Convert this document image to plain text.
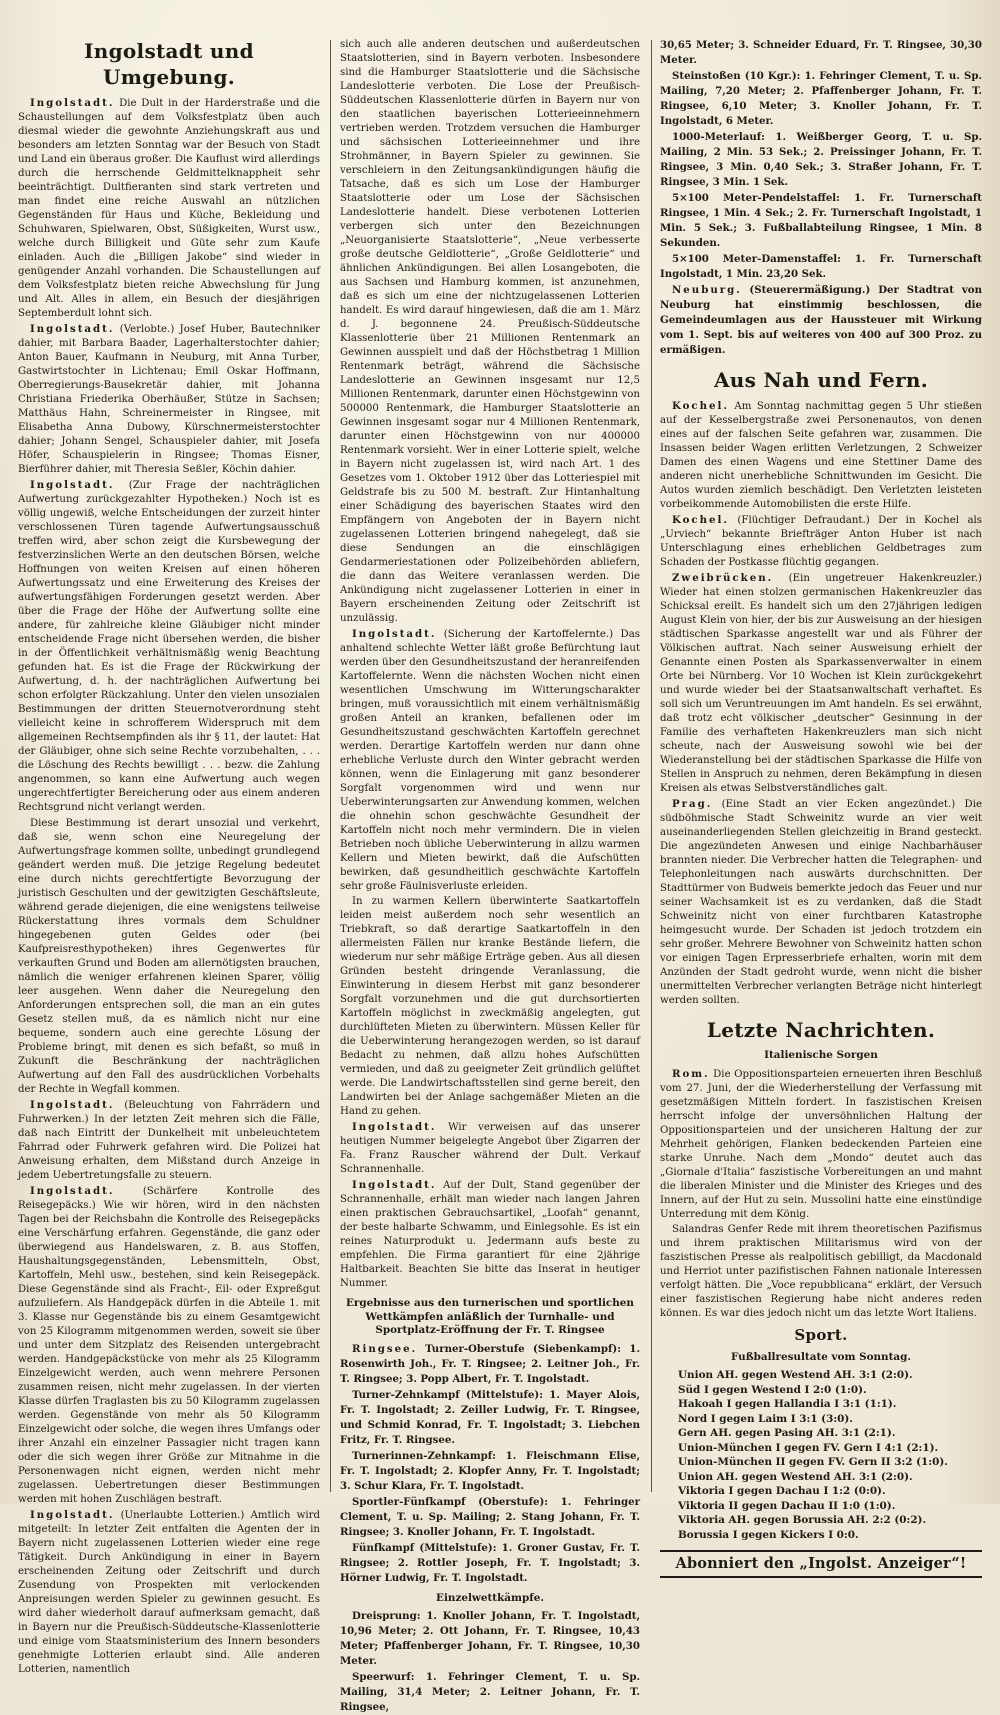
Ingolstadt und Umgebung.

Ingolstadt. Die Dult in der Harderstraße und die Schaustellungen auf dem Volksfestplatz üben auch diesmal wieder die gewohnte Anziehungskraft aus und besonders am letzten Sonntag war der Besuch von Stadt und Land ein überaus großer. Die Kauflust wird allerdings durch die herrschende Geldmittelknappheit sehr beeinträchtigt. Dultfieranten sind stark vertreten und man findet eine reiche Auswahl an nützlichen Gegenständen für Haus und Küche, Bekleidung und Schuhwaren, Spielwaren, Obst, Süßigkeiten, Wurst usw., welche durch Billigkeit und Güte sehr zum Kaufe einladen. Auch die „Billigen Jakobe“ sind wieder in genügender Anzahl vorhanden. Die Schaustellungen auf dem Volksfestplatz bieten reiche Abwechslung für Jung und Alt. Alles in allem, ein Besuch der diesjährigen Septemberdult lohnt sich.

Ingolstadt. (Verlobte.) Josef Huber, Bautechniker dahier, mit Barbara Baader, Lagerhalterstochter dahier; Anton Bauer, Kaufmann in Neuburg, mit Anna Turber, Gastwirtstochter in Lichtenau; Emil Oskar Hoffmann, Oberregierungs-Bausekretär dahier, mit Johanna Christiana Friederika Oberhäußer, Stütze in Sachsen; Matthäus Hahn, Schreinermeister in Ringsee, mit Elisabetha Anna Dubowy, Kürschnermeisterstochter dahier; Johann Sengel, Schauspieler dahier, mit Josefa Höfer, Schauspielerin in Ringsee; Thomas Eisner, Bierführer dahier, mit Theresia Seßler, Köchin dahier.

Ingolstadt. (Zur Frage der nachträglichen Aufwertung zurückgezahlter Hypotheken.) Noch ist es völlig ungewiß, welche Entscheidungen der zurzeit hinter verschlossenen Türen tagende Aufwertungsausschuß treffen wird, aber schon zeigt die Kursbewegung der festverzinslichen Werte an den deutschen Börsen, welche Hoffnungen von weiten Kreisen auf einen höheren Aufwertungssatz und eine Erweiterung des Kreises der aufwertungsfähigen Forderungen gesetzt werden. Aber über die Frage der Höhe der Aufwertung sollte eine andere, für zahlreiche kleine Gläubiger nicht minder entscheidende Frage nicht übersehen werden, die bisher in der Öffentlichkeit verhältnismäßig wenig Beachtung gefunden hat. Es ist die Frage der Rückwirkung der Aufwertung, d. h. der nachträglichen Aufwertung bei schon erfolgter Rückzahlung. Unter den vielen unsozialen Bestimmungen der dritten Steuernotverordnung steht vielleicht keine in schrofferem Widerspruch mit dem allgemeinen Rechtsempfinden als ihr § 11, der lautet: Hat der Gläubiger, ohne sich seine Rechte vorzubehalten, . . . die Löschung des Rechts bewilligt . . . bezw. die Zahlung angenommen, so kann eine Aufwertung auch wegen ungerechtfertigter Bereicherung oder aus einem anderen Rechtsgrund nicht verlangt werden.

Diese Bestimmung ist derart unsozial und verkehrt, daß sie, wenn schon eine Neuregelung der Aufwertungsfrage kommen sollte, unbedingt grundlegend geändert werden muß. Die jetzige Regelung bedeutet eine durch nichts gerechtfertigte Bevorzugung der juristisch Geschulten und der gewitzigten Geschäftsleute, während gerade diejenigen, die eine wenigstens teilweise Rückerstattung ihres vormals dem Schuldner hingegebenen guten Geldes oder (bei Kaufpreisresthypotheken) ihres Gegenwertes für verkauften Grund und Boden am allernötigsten brauchen, nämlich die weniger erfahrenen kleinen Sparer, völlig leer ausgehen. Wenn daher die Neuregelung den Anforderungen entsprechen soll, die man an ein gutes Gesetz stellen muß, da es nämlich nicht nur eine bequeme, sondern auch eine gerechte Lösung der Probleme bringt, mit denen es sich befaßt, so muß in Zukunft die Beschränkung der nachträglichen Aufwertung auf den Fall des ausdrücklichen Vorbehalts der Rechte in Wegfall kommen.

Ingolstadt. (Beleuchtung von Fahrrädern und Fuhrwerken.) In der letzten Zeit mehren sich die Fälle, daß nach Eintritt der Dunkelheit mit unbeleuchtetem Fahrrad oder Fuhrwerk gefahren wird. Die Polizei hat Anweisung erhalten, dem Mißstand durch Anzeige in jedem Uebertretungsfalle zu steuern.

Ingolstadt.	(Schärfere Kontrolle des Reisegepäcks.) Wie wir hören, wird in den nächsten Tagen bei der Reichsbahn die Kontrolle des Reisegepäcks eine Verschärfung erfahren. Gegenstände, die ganz oder überwiegend aus Handelswaren, z. B. aus Stoffen, Haushaltungsgegenständen, Lebensmitteln, Obst, Kartoffeln, Mehl usw., bestehen, sind kein Reisegepäck. Diese Gegenstände sind als Fracht-, Eil- oder Expreßgut aufzuliefern. Als Handgepäck dürfen in die Abteile 1. mit 3. Klasse nur Gegenstände bis zu einem Gesamtgewicht von 25 Kilogramm mitgenommen werden, soweit sie über und unter dem Sitzplatz des Reisenden untergebracht werden. Handgepäckstücke von mehr als 25 Kilogramm Einzelgewicht werden, auch wenn mehrere Personen zusammen reisen, nicht mehr zugelassen. In der vierten Klasse dürfen Traglasten bis zu 50 Kilogramm zugelassen werden. Gegenstände von mehr als 50 Kilogramm Einzelgewicht oder solche, die wegen ihres Umfangs oder ihrer Anzahl ein einzelner Passagier nicht tragen kann oder die sich wegen ihrer Größe zur Mitnahme in die Personenwagen nicht eignen, werden nicht mehr zugelassen. Uebertretungen dieser Bestimmungen werden mit hohen Zuschlägen bestraft.

Ingolstadt. (Unerlaubte Lotterien.) Amtlich wird mitgeteilt: In letzter Zeit entfalten die Agenten der in Bayern nicht zugelassenen Lotterien wieder eine rege Tätigkeit. Durch Ankündigung in einer in Bayern erscheinenden Zeitung oder Zeitschrift und durch Zusendung von Prospekten mit verlockenden Anpreisungen werden Spieler zu gewinnen gesucht. Es wird daher wiederholt darauf aufmerksam gemacht, daß in Bayern nur die Preußisch-Süddeutsche-Klassenlotterie und einige vom Staatsministerium des Innern besonders genehmigte Lotterien erlaubt sind. Alle anderen Lotterien, namentlich

sich auch alle anderen deutschen und außerdeutschen Staatslotterien, sind in Bayern verboten. Insbesondere sind die Hamburger Staatslotterie und die Sächsische Landeslotterie verboten. Die Lose der Preußisch-Süddeutschen Klassenlotterie dürfen in Bayern nur von den staatlichen bayerischen Lotterieeinnehmern vertrieben werden. Trotzdem versuchen die Hamburger und sächsischen Lotterieeinnehmer und ihre Strohmänner, in Bayern Spieler zu gewinnen. Sie verschleiern in den Zeitungsankündigungen häufig die Tatsache, daß es sich um Lose der Hamburger Staatslotterie oder um Lose der Sächsischen Landeslotterie handelt. Diese verbotenen Lotterien verbergen sich unter den Bezeichnungen „Neuorganisierte Staatslotterie“, „Neue verbesserte große deutsche Geldlotterie“, „Große Geldlotterie“ und ähnlichen Ankündigungen. Bei allen Losangeboten, die aus Sachsen und Hamburg kommen, ist anzunehmen, daß es sich um eine der nichtzugelassenen Lotterien handelt. Es wird darauf hingewiesen, daß die am 1. März d. J. begonnene 24. Preußisch-Süddeutsche Klassenlotterie über 21 Millionen Rentenmark an Gewinnen ausspielt und daß der Höchstbetrag 1 Million Rentenmark beträgt, während die Sächsische Landeslotterie an Gewinnen insgesamt nur 12,5 Millionen Rentenmark, darunter einen Höchstgewinn von 500000 Rentenmark, die Hamburger Staatslotterie an Gewinnen insgesamt sogar nur 4 Millionen Rentenmark, darunter einen Höchstgewinn von nur 400000 Rentenmark vorsieht. Wer in einer Lotterie spielt, welche in Bayern nicht zugelassen ist, wird nach Art. 1 des Gesetzes vom 1. Oktober 1912 über das Lotteriespiel mit Geldstrafe bis zu 500 M. bestraft. Zur Hintanhaltung einer Schädigung des bayerischen Staates wird den Empfängern von Angeboten der in Bayern nicht zugelassenen Lotterien bringend nahegelegt, daß sie diese Sendungen an die einschlägigen Gendarmeriestationen oder Polizeibehörden abliefern, die dann das Weitere veranlassen werden. Die Ankündigung nicht zugelassener Lotterien in einer in Bayern erscheinenden Zeitung oder Zeitschrift ist unzulässig.

Ingolstadt. (Sicherung der Kartoffelernte.) Das anhaltend schlechte Wetter läßt große Befürchtung laut werden über den Gesundheitszustand der heranreifenden Kartoffelernte. Wenn die nächsten Wochen nicht einen wesentlichen Umschwung im Witterungscharakter bringen, muß voraussichtlich mit einem verhältnismäßig großen Anteil an kranken, befallenen oder im Gesundheitszustand geschwächten Kartoffeln gerechnet werden. Derartige Kartoffeln werden nur dann ohne erhebliche Verluste durch den Winter gebracht werden können, wenn die Einlagerung mit ganz besonderer Sorgfalt vorgenommen wird und wenn nur Ueberwinterungsarten zur Anwendung kommen, welchen die ohnehin schon geschwächte Gesundheit der Kartoffeln nicht noch mehr vermindern. Die in vielen Betrieben noch übliche Ueberwinterung in allzu warmen Kellern und Mieten bewirkt, daß die Aufschütten bewirken, daß gesundheitlich geschwächte Kartoffeln sehr große Fäulnisverluste erleiden.

In zu warmen Kellern überwinterte Saatkartoffeln leiden meist außerdem noch sehr wesentlich an Triebkraft, so daß derartige Saatkartoffeln in den allermeisten Fällen nur kranke Bestände liefern, die wiederum nur sehr mäßige Erträge geben. Aus all diesen Gründen besteht dringende Veranlassung, die Einwinterung in diesem Herbst mit ganz besonderer Sorgfalt vorzunehmen und die gut durchsortierten Kartoffeln möglichst in zweckmäßig angelegten, gut durchlüfteten Mieten zu überwintern. Müssen Keller für die Ueberwinterung herangezogen werden, so ist darauf Bedacht zu nehmen, daß allzu hohes Aufschütten vermieden, und daß zu geeigneter Zeit gründlich gelüftet werde. Die Landwirtschaftsstellen sind gerne bereit, den Landwirten bei der Anlage sachgemäßer Mieten an die Hand zu gehen.

Ingolstadt. Wir verweisen auf das unserer heutigen Nummer beigelegte Angebot über Zigarren der Fa. Franz Rauscher während der Dult. Verkauf Schrannenhalle.

Ingolstadt. Auf der Dult, Stand gegenüber der Schrannenhalle, erhält man wieder nach langen Jahren einen praktischen Gebrauchsartikel, „Loofah“ genannt, der beste halbarte Schwamm, und Einlegsohle. Es ist ein reines Naturprodukt u. Jedermann aufs beste zu empfehlen. Die Firma garantiert für eine 2jährige Haltbarkeit. Beachten Sie bitte das Inserat in heutiger Nummer.

Ergebnisse aus den turnerischen und sportlichen Wettkämpfen anläßlich der Turnhalle- und Sportplatz-Eröffnung der Fr. T. Ringsee

Ringsee. Turner-Oberstufe (Siebenkampf): 1. Rosenwirth Joh., Fr. T. Ringsee; 2. Leitner Joh., Fr. T. Ringsee; 3. Popp Albert, Fr. T. Ingolstadt.

Turner-Zehnkampf (Mittelstufe): 1. Mayer Alois, Fr. T. Ingolstadt; 2. Zeiller Ludwig, Fr. T. Ringsee, und Schmid Konrad, Fr. T. Ingolstadt; 3. Liebchen Fritz, Fr. T. Ringsee.

Turnerinnen-Zehnkampf: 1. Fleischmann Elise, Fr. T. Ingolstadt; 2. Klopfer Anny, Fr. T. Ingolstadt; 3. Schur Klara, Fr. T. Ingolstadt.

Sportler-Fünfkampf (Oberstufe): 1. Fehringer Clement, T. u. Sp. Mailing; 2. Stang Johann, Fr. T. Ringsee; 3. Knoller Johann, Fr. T. Ingolstadt.

Fünfkampf (Mittelstufe): 1. Groner Gustav, Fr. T. Ringsee; 2. Rottler Joseph, Fr. T. Ingolstadt; 3. Hörner Ludwig, Fr. T. Ingolstadt.

Einzelwettkämpfe.

Dreisprung: 1. Knoller Johann, Fr. T. Ingolstadt, 10,96 Meter; 2. Ott Johann, Fr. T. Ringsee, 10,43 Meter; Pfaffenberger Johann, Fr. T. Ringsee, 10,30 Meter.

Speerwurf: 1. Fehringer Clement, T. u. Sp. Mailing, 31,4 Meter; 2. Leitner Johann, Fr. T. Ringsee,

30,65 Meter; 3. Schneider Eduard, Fr. T. Ringsee, 30,30 Meter.

Steinstoßen (10 Kgr.): 1. Fehringer Clement, T. u. Sp. Mailing, 7,20 Meter; 2. Pfaffenberger Johann, Fr. T. Ringsee, 6,10 Meter; 3. Knoller Johann, Fr. T. Ingolstadt, 6 Meter.

1000-Meterlauf: 1. Weißberger Georg, T. u. Sp. Mailing, 2 Min. 53 Sek.; 2. Preissinger Johann, Fr. T. Ringsee, 3 Min. 0,40 Sek.; 3. Straßer Johann, Fr. T. Ringsee, 3 Min. 1 Sek.

5×100 Meter-Pendelstaffel: 1. Fr. Turnerschaft Ringsee, 1 Min. 4 Sek.; 2. Fr. Turnerschaft Ingolstadt, 1 Min. 5 Sek.; 3. Fußballabteilung Ringsee, 1 Min. 8 Sekunden.

5×100 Meter-Damenstaffel: 1. Fr. Turnerschaft Ingolstadt, 1 Min. 23,20 Sek.

Neuburg. (Steuerermäßigung.) Der Stadtrat von Neuburg hat einstimmig beschlossen, die Gemeindeumlagen aus der Haussteuer mit Wirkung vom 1. Sept. bis auf weiteres von 400 auf 300 Proz. zu ermäßigen.

Aus Nah und Fern.

Kochel. Am Sonntag nachmittag gegen 5 Uhr stießen auf der Kesselbergstraße zwei Personenautos, von denen eines auf der falschen Seite gefahren war, zusammen. Die Insassen beider Wagen erlitten Verletzungen, 2 Schweizer Damen des einen Wagens und eine Stettiner Dame des anderen nicht unerhebliche Schnittwunden im Gesicht. Die Autos wurden ziemlich beschädigt. Den Verletzten leisteten vorbeikommende Automobilisten die erste Hilfe.

Kochel. (Flüchtiger Defraudant.) Der in Kochel als „Urviech“ bekannte Briefträger Anton Huber ist nach Unterschlagung eines erheblichen Geldbetrages zum Schaden der Postkasse flüchtig gegangen.

Zweibrücken. (Ein ungetreuer Hakenkreuzler.) Wieder hat einen stolzen germanischen Hakenkreuzler das Schicksal ereilt. Es handelt sich um den 27jährigen ledigen August Klein von hier, der bis zur Ausweisung an der hiesigen städtischen Sparkasse angestellt war und als Führer der Völkischen auftrat. Nach seiner Ausweisung erhielt der Genannte einen Posten als Sparkassenverwalter in einem Orte bei Nürnberg. Vor 10 Wochen ist Klein zurückgekehrt und wurde wieder bei der Staatsanwaltschaft verhaftet. Es soll sich um Veruntreuungen im Amt handeln. Es sei erwähnt, daß trotz echt völkischer „deutscher“ Gesinnung in der Familie des verhafteten Hakenkreuzlers man sich nicht scheute, nach der Ausweisung sowohl wie bei der Wiederanstellung bei der städtischen Sparkasse die Hilfe von Stellen in Anspruch zu nehmen, deren Bekämpfung in diesen Kreisen als etwas Selbstverständliches galt.

Prag. (Eine Stadt an vier Ecken angezündet.) Die südböhmische Stadt Schweinitz wurde an vier weit auseinanderliegenden Stellen gleichzeitig in Brand gesteckt. Die angezündeten Anwesen und einige Nachbarhäuser brannten nieder. Die Verbrecher hatten die Telegraphen- und Telephonleitungen nach auswärts durchschnitten. Der Stadttürmer von Budweis bemerkte jedoch das Feuer und nur seiner Wachsamkeit ist es zu verdanken, daß die Stadt Schweinitz nicht von einer furchtbaren Katastrophe heimgesucht wurde. Der Schaden ist jedoch trotzdem ein sehr großer. Mehrere Bewohner von Schweinitz hatten schon vor einigen Tagen Erpresserbriefe erhalten, worin mit dem Anzünden der Stadt gedroht wurde, wenn nicht die bisher unermittelten Verbrecher verlangten Beträge nicht hinterlegt werden sollten.

Letzte Nachrichten.
Italienische Sorgen

Rom. Die Oppositionsparteien erneuerten ihren Beschluß vom 27. Juni, der die Wiederherstellung der Verfassung mit gesetzmäßigen Mitteln fordert. In faszistischen Kreisen herrscht infolge der unversöhnlichen Haltung der Oppositionsparteien und der unsicheren Haltung der zur Mehrheit gehörigen, Flanken bedeckenden Parteien eine starke Unruhe. Nach dem „Mondo“ deutet auch das „Giornale d'Italia“ faszistische Vorbereitungen an und mahnt die liberalen Minister und die Minister des Krieges und des Innern, auf der Hut zu sein. Mussolini hatte eine einstündige Unterredung mit dem König.

Salandras Genfer Rede mit ihrem theoretischen Pazifismus und ihrem praktischen Militarismus wird von der faszistischen Presse als realpolitisch gebilligt, da Macdonald und Herriot unter pazifistischen Fahnen nationale Interessen verfolgt hätten. Die „Voce repubblicana“ erklärt, der Versuch einer faszistischen Regierung habe nicht anderes reden können. Es war dies jedoch nicht um das letzte Wort Italiens.

Sport.
Fußballresultate vom Sonntag.
Union AH. gegen Westend AH. 3:1 (2:0).
Süd I gegen Westend I 2:0 (1:0).
Hakoah I gegen Hallandia I 3:1 (1:1).
Nord I gegen Laim I 3:1 (3:0).
Gern AH. gegen Pasing AH. 3:1 (2:1).
Union-München I gegen FV. Gern I 4:1 (2:1).
Union-München II gegen FV. Gern II 3:2 (1:0).
Union AH. gegen Westend AH. 3:1 (2:0).
Viktoria I gegen Dachau I 1:2 (0:0).
Viktoria II gegen Dachau II 1:0 (1:0).
Viktoria AH. gegen Borussia AH. 2:2 (0:2).
Borussia I gegen Kickers I 0:0.
Abonniert den „Ingolst. Anzeiger“!
